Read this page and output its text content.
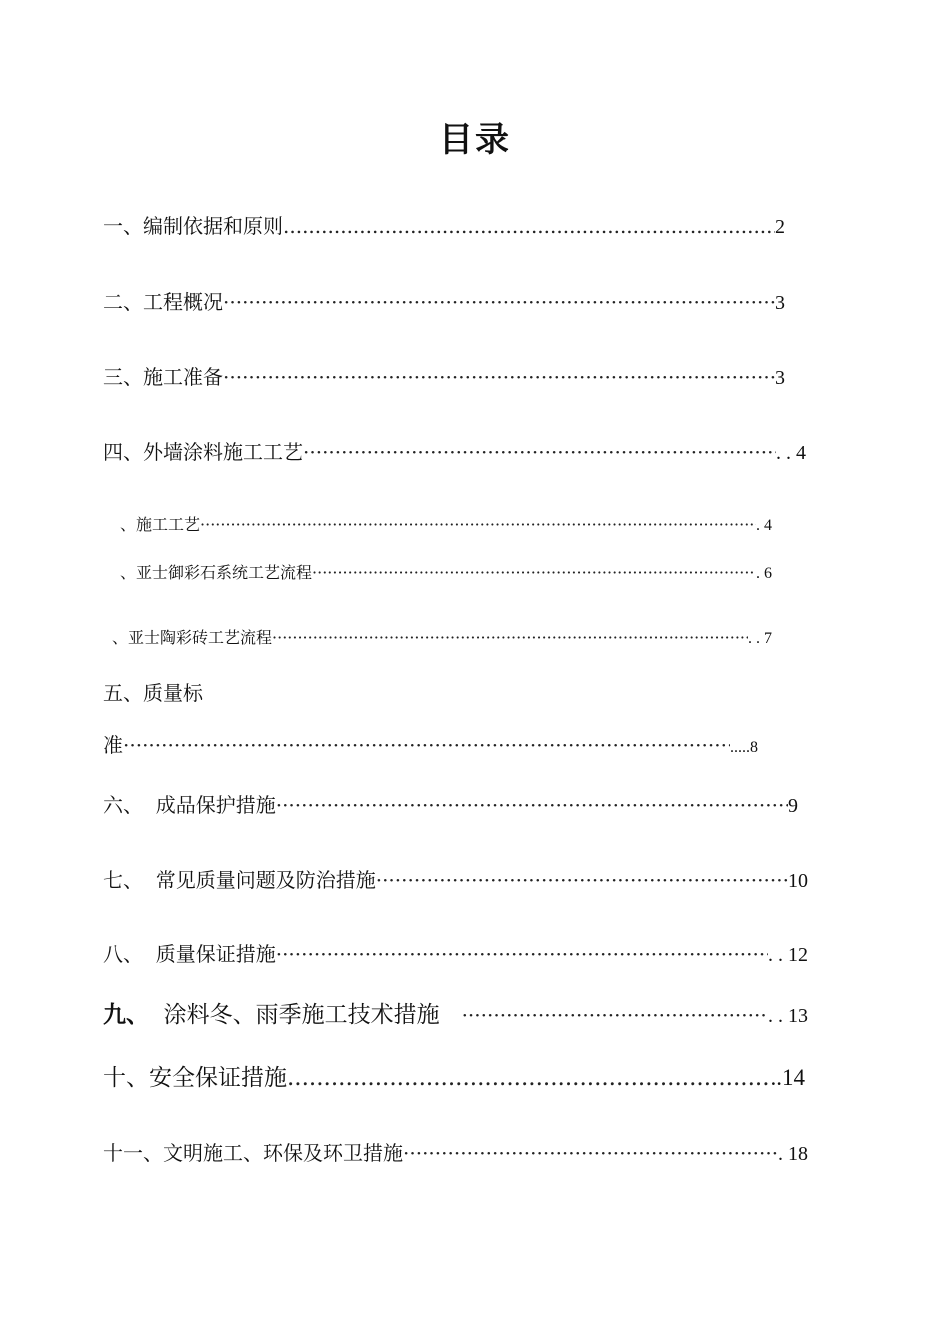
目录
一、编制依据和原则 .....	2
二、工程概况 ·····	3
三、施工准备 ·····	3
四、外墙涂料施工工艺 ·····	. . 4
、施工工艺 ·····	. 4
、亚士御彩石系统工艺流程 ·····	. 6
、亚士陶彩砖工艺流程 ·····	. . 7
五、质量标
准 ·····	.....8
六、  成品保护措施 ·····	9
七、  常见质量问题及防治措施 ·····	10
八、  质量保证措施 ·····	. . 12
九、 涂料冬、雨季施工技术措施 ·····	. . 13
十、安全保证措施 .....	..14
十一、文明施工、环保及环卫措施 ·····	. 18
